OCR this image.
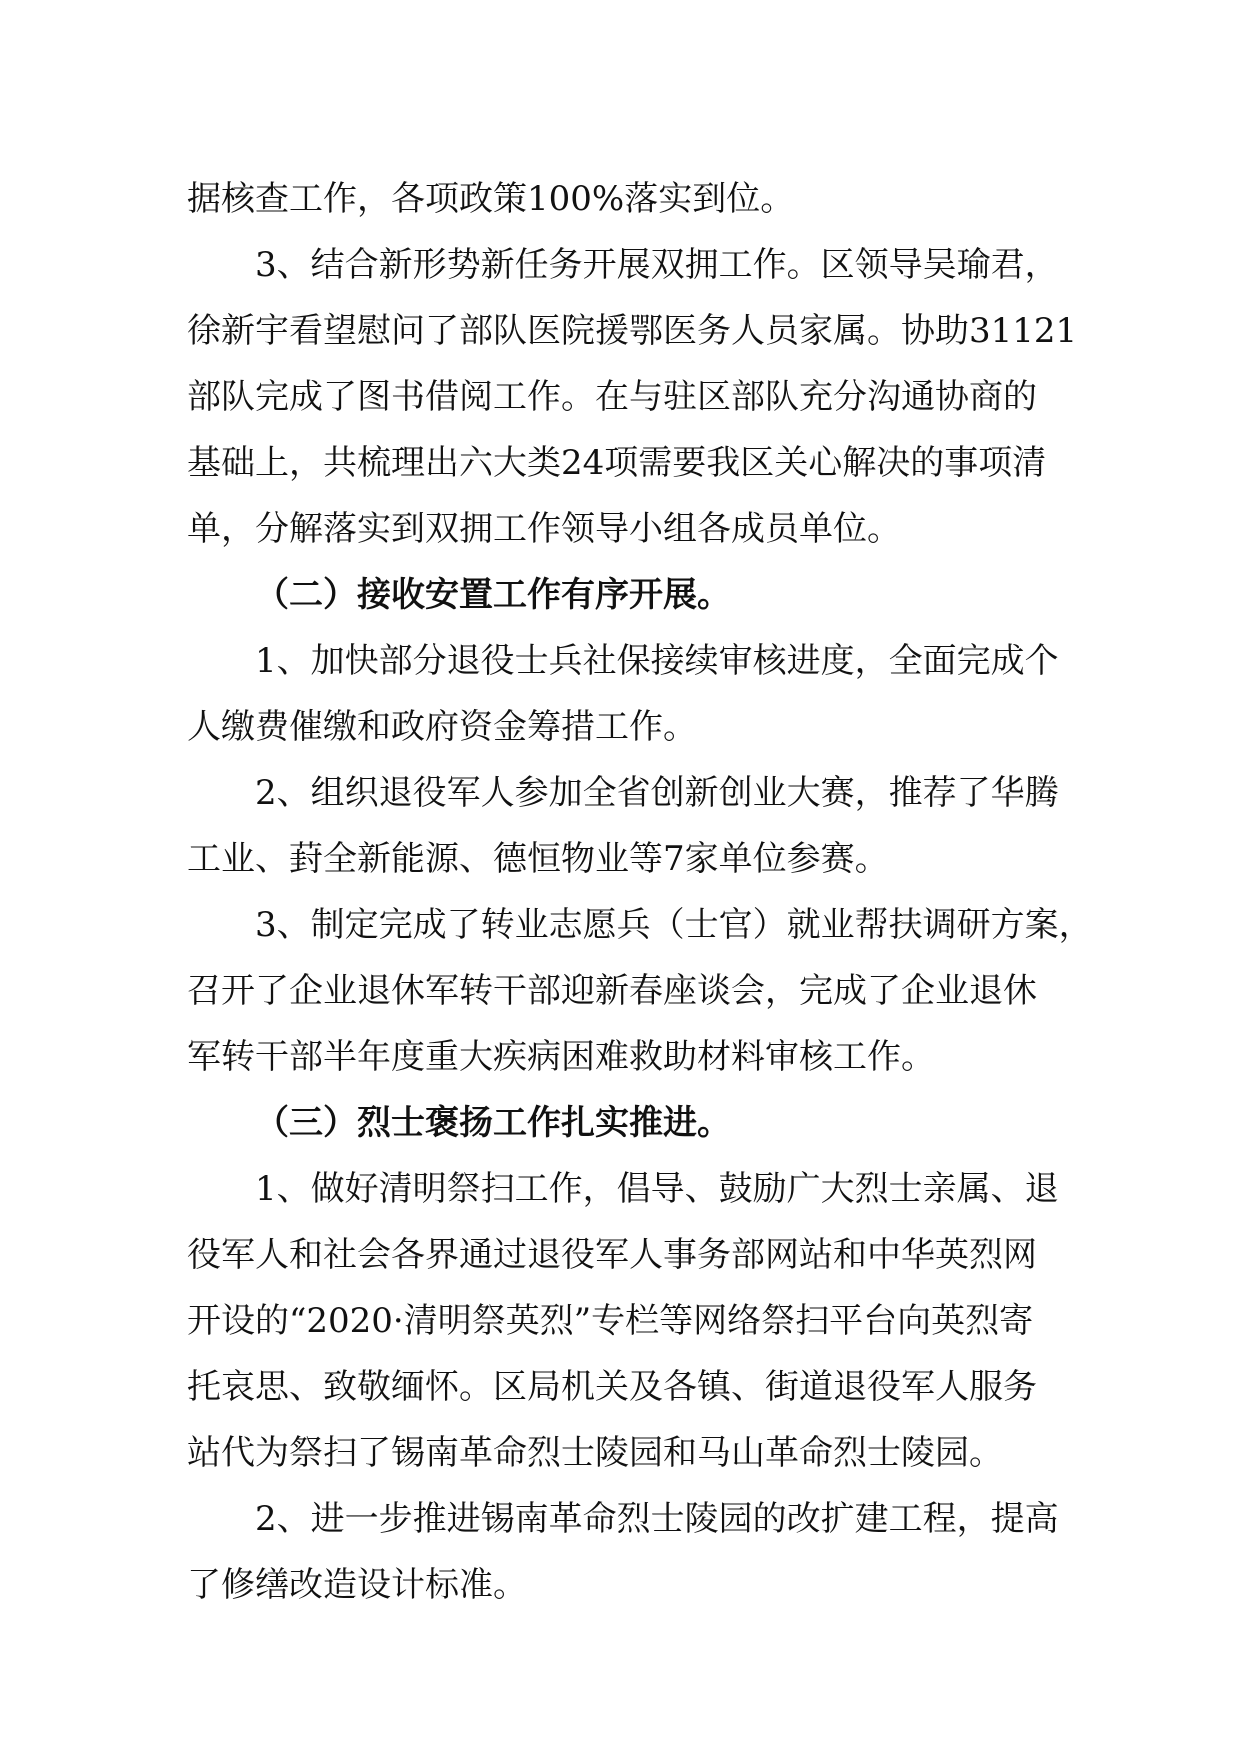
据核查工作，各项政策100%落实到位。
3、结合新形势新任务开展双拥工作。区领导吴瑜君，
徐新宇看望慰问了部队医院援鄂医务人员家属。协助31121
部队完成了图书借阅工作。在与驻区部队充分沟通协商的
基础上，共梳理出六大类24项需要我区关心解决的事项清
单，分解落实到双拥工作领导小组各成员单位。
（二）接收安置工作有序开展。
1、加快部分退役士兵社保接续审核进度，全面完成个
人缴费催缴和政府资金筹措工作。
2、组织退役军人参加全省创新创业大赛，推荐了华腾
工业、葑全新能源、德恒物业等7家单位参赛。
3、制定完成了转业志愿兵（士官）就业帮扶调研方案，
召开了企业退休军转干部迎新春座谈会，完成了企业退休
军转干部半年度重大疾病困难救助材料审核工作。
（三）烈士褒扬工作扎实推进。
1、做好清明祭扫工作，倡导、鼓励广大烈士亲属、退
役军人和社会各界通过退役军人事务部网站和中华英烈网
开设的“2020·清明祭英烈”专栏等网络祭扫平台向英烈寄
托哀思、致敬缅怀。区局机关及各镇、街道退役军人服务
站代为祭扫了锡南革命烈士陵园和马山革命烈士陵园。
2、进一步推进锡南革命烈士陵园的改扩建工程，提高
了修缮改造设计标准。
